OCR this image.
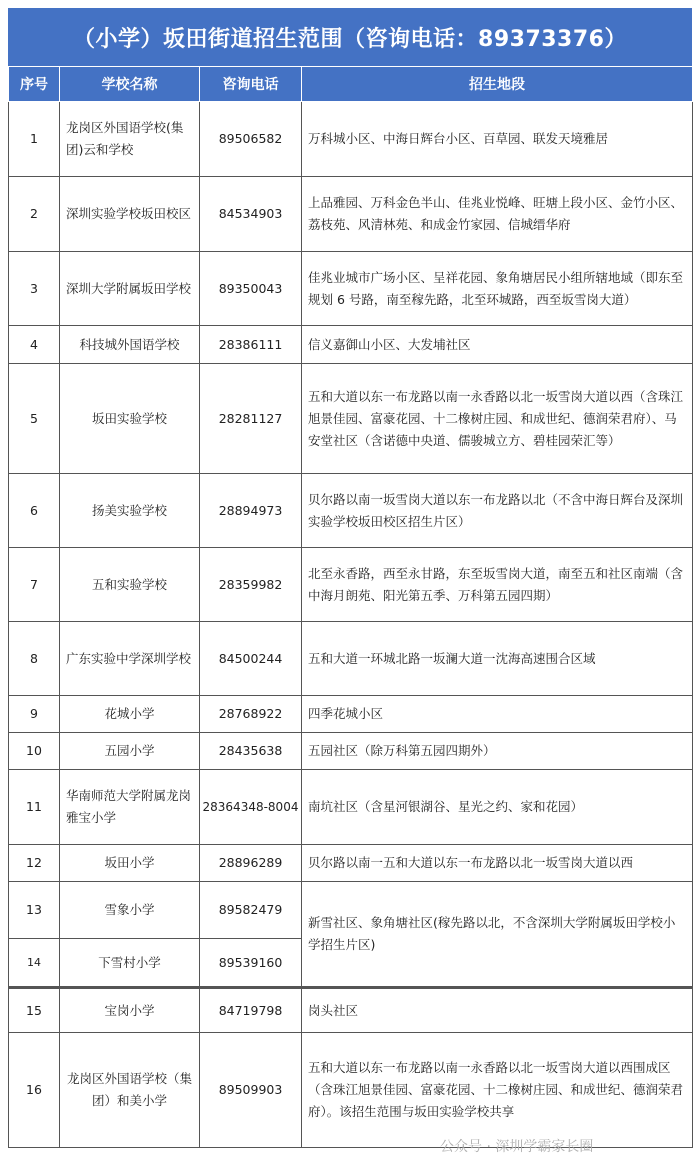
（小学）坂田街道招生范围（咨询电话：89373376）
序号	学校名称	咨询电话	招生地段
1	龙岗区外国语学校(集团)云和学校	89506582	万科城小区、中海日辉台小区、百草园、联发天境雅居
2	深圳实验学校坂田校区	84534903	上品雅园、万科金色半山、佳兆业悦峰、旺塘上段小区、金竹小区、荔枝苑、风清林苑、和成金竹家园、信城缙华府
3	深圳大学附属坂田学校	89350043	佳兆业城市广场小区、呈祥花园、象角塘居民小组所辖地域（即东至规划 6 号路，南至稼先路，北至环城路，西至坂雪岗大道）
4	科技城外国语学校	28386111	信义嘉御山小区、大发埔社区
5	坂田实验学校	28281127	五和大道以东一布龙路以南一永香路以北一坂雪岗大道以西（含珠江旭景佳园、富豪花园、十二橡树庄园、和成世纪、德润荣君府）、马安堂社区（含诺德中央道、儒骏城立方、碧桂园荣汇等）
6	扬美实验学校	28894973	贝尔路以南一坂雪岗大道以东一布龙路以北（不含中海日辉台及深圳实验学校坂田校区招生片区）
7	五和实验学校	28359982	北至永香路，西至永甘路，东至坂雪岗大道，南至五和社区南端（含中海月朗苑、阳光第五季、万科第五园四期）
8	广东实验中学深圳学校	84500244	五和大道一环城北路一坂澜大道一沈海高速围合区域
9	花城小学	28768922	四季花城小区
10	五园小学	28435638	五园社区（除万科第五园四期外）
11	华南师范大学附属龙岗雅宝小学	28364348-8004	南坑社区（含星河银湖谷、星光之约、家和花园）
12	坂田小学	28896289	贝尔路以南一五和大道以东一布龙路以北一坂雪岗大道以西
13	雪象小学	89582479	新雪社区、象角塘社区(稼先路以北，不含深圳大学附属坂田学校小学招生片区)
14	下雪村小学	89539160	
15	宝岗小学	84719798	岗头社区
16	龙岗区外国语学校（集团）和美小学	89509903	五和大道以东一布龙路以南一永香路以北一坂雪岗大道以西围成区（含珠江旭景佳园、富豪花园、十二橡树庄园、和成世纪、德润荣君府）。该招生范围与坂田实验学校共享
公众号 · 深圳学霸家长圈
